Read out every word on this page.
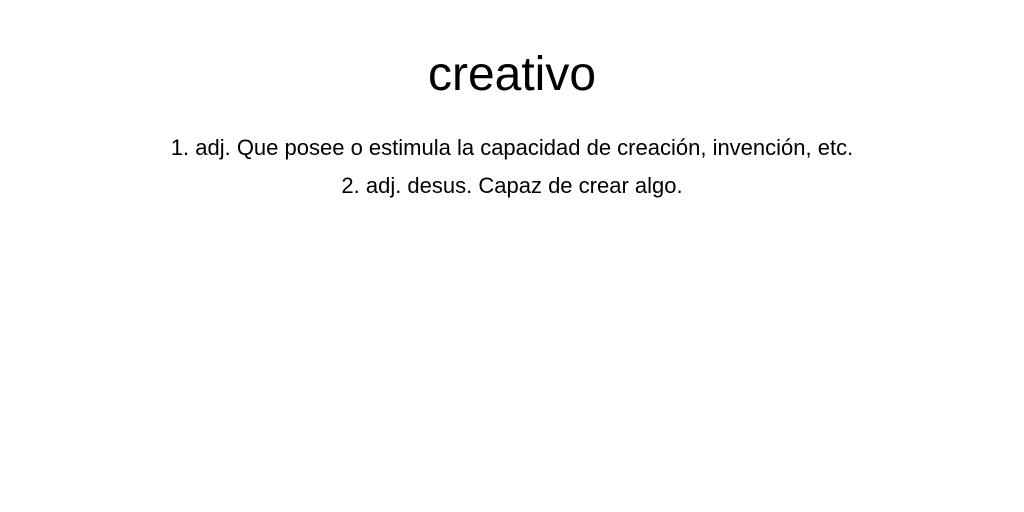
creativo
1. adj. Que posee o estimula la capacidad de creación, invención, etc.
2. adj. desus. Capaz de crear algo.
